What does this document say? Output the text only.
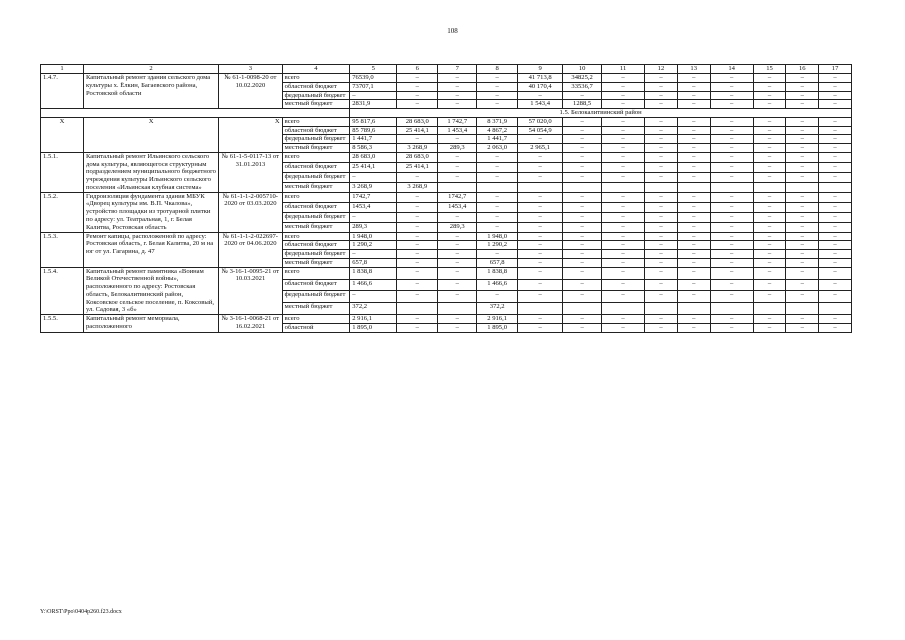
108
1	2	3	4	5	6	7	8	9	10	11	12	13	14	15	16	17
1.4.7.	Капитальный ремонт здания сельского дома культуры х. Ёлкин, Багаевского района, Ростовской области	№ 61-1-0098-20 от 10.02.2020	всего	76539,0	–	–	–	41 713,8	34825,2	–	–	–	–	–	–	–
			областной бюджет	73707,1	–	–	–	40 170,4	33536,7	–	–	–	–	–	–	–
			федеральный бюджет	–	–	–	–	–	–	–	–	–	–	–	–	–
			местный бюджет	2831,9	–	–	–	1 543,4	1288,5	–	–	–	–	–	–	–
				1.5. Белокалитвинский район												
X	X	X	всего	95 817,6	28 683,0	1 742,7	8 371,9	57 020,0	–	–	–	–	–	–	–	–
			областной бюджет	85 789,6	25 414,1	1 453,4	4 867,2	54 054,9	–	–	–	–	–	–	–	–
			федеральный бюджет	1 441,7	–	–	1 441,7	–	–	–	–	–	–	–	–	–
			местный бюджет	8 586,3	3 268,9	289,3	2 063,0	2 965,1	–	–	–	–	–	–	–	–
1.5.1.	Капитальный ремонт Ильинского сельского дома культуры, являющегося структурным подразделением муниципального бюджетного учреждения культуры Ильинского сельского поселения «Ильинская клубная система»	№ 61-1-5-0117-13 от 31.01.2013	всего	28 683,0	28 683,0	–	–	–	–	–	–	–	–	–	–	–
			областной бюджет	25 414,1	25 414,1	–	–	–	–	–	–	–	–	–	–	–
			федеральный бюджет	–	–	–	–	–	–	–	–	–	–	–	–	–
			местный бюджет	3 268,9	3 268,9											
1.5.2.	Гидроизоляция фундамента здания МБУК «Дворец культуры им. В.П. Чкалова», устройство площадки из тротуарной плитки по адресу: ул. Театральная, 1, г. Белая Калитва, Ростовская область	№ 61-1-1-2-005710-2020 от 03.03.2020	всего	1742,7	–	1742,7	–	–	–	–	–	–	–	–	–	–
			областной бюджет	1453,4	–	1453,4	–	–	–	–	–	–	–	–	–	–
			федеральный бюджет	–	–	–	–	–	–	–	–	–	–	–	–	–
			местный бюджет	289,3	–	289,3	–	–	–	–	–	–	–	–	–	–
1.5.3.	Ремонт капицы, расположенной по адресу: Ростовская область, г. Белая Калитва, 20 м на юг от ул. Гагарина, д. 47	№ 61-1-1-2-022697-2020 от 04.06.2020	всего	1 948,0	–	–	1 948,0	–	–	–	–	–	–	–	–	–
			областной бюджет	1 290,2	–	–	1 290,2	–	–	–	–	–	–	–	–	–
			федеральный бюджет	–	–	–	–	–	–	–	–	–	–	–	–	–
			местный бюджет	657,8	–	–	657,8	–	–	–	–	–	–	–	–	–
1.5.4.	Капитальный ремонт памятника «Воинам Великой Отечественной войны», расположенного по адресу: Ростовская область, Белокалитвинский район, Коксовское сельское поселение, п. Коксовый, ул. Садовая, 3 «б»	№ 3-16-1-0095-21 от 10.03.2021	всего	1 838,8	–	–	1 838,8	–	–	–	–	–	–	–	–	–
			областной бюджет	1 466,6	–	–	1 466,6	–	–	–	–	–	–	–	–	–
			федеральный бюджет	–	–	–	–	–	–	–	–	–	–	–	–	–
			местный бюджет	372,2			372,2									
1.5.5.	Капитальный ремонт мемориала, расположенного	№ 3-16-1-0068-21 от 16.02.2021	всего	2 916,1	–	–	2 916,1	–	–	–	–	–	–	–	–	–
			областной	1 895,0	–	–	1 895,0	–	–	–	–	–	–	–	–	–
Y:\ORST\Ppo\0404p260.f23.docx
